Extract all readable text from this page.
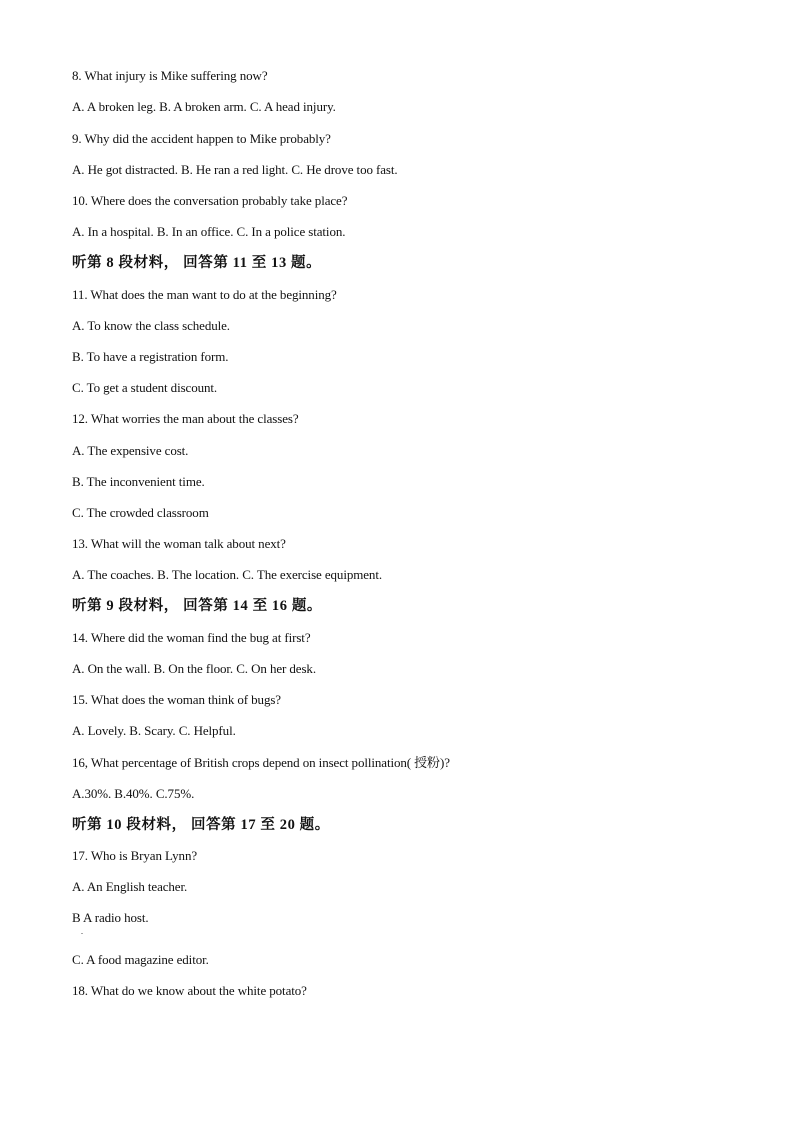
8. What injury is Mike suffering now?
A. A broken leg. B. A broken arm. C. A head injury.
9. Why did the accident happen to Mike probably?
A. He got distracted. B. He ran a red light. C. He drove too fast.
10. Where does the conversation probably take place?
A. In a hospital. B. In an office. C. In a police station.
听第 8 段材料， 回答第 11 至 13 题。
11. What does the man want to do at the beginning?
A. To know the class schedule.
B. To have a registration form.
C. To get a student discount.
12. What worries the man about the classes?
A. The expensive cost.
B. The inconvenient time.
C. The crowded classroom
13. What will the woman talk about next?
A. The coaches. B. The location. C. The exercise equipment.
听第 9 段材料， 回答第 14 至 16 题。
14. Where did the woman find the bug at first?
A. On the wall. B. On the floor. C. On her desk.
15. What does the woman think of bugs?
A. Lovely. B. Scary. C. Helpful.
16, What percentage of British crops depend on insect pollination( 授粉)?
A.30%. B.40%. C.75%.
听第 10 段材料， 回答第 17 至 20 题。
17. Who is Bryan Lynn?
A. An English teacher.
B A radio host.
.
C. A food magazine editor.
18. What do we know about the white potato?
